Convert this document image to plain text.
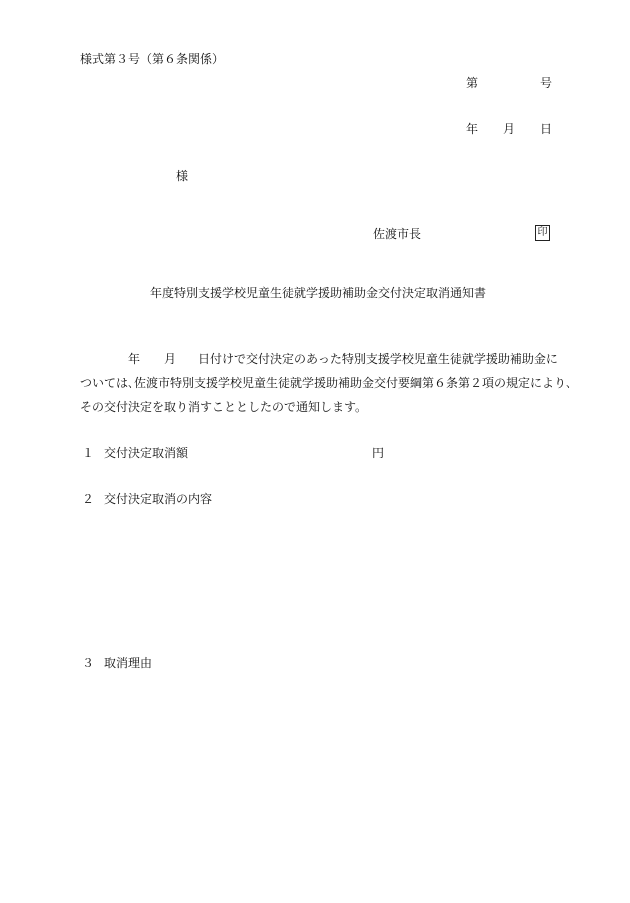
様式第３号（第６条関係）
第	号
年 月 日
様
佐渡市長	印
年度特別支援学校児童生徒就学援助補助金交付決定取消通知書
年 月 日付けで交付決定のあった特別支援学校児童生徒就学援助補助金に
ついては､佐渡市特別支援学校児童生徒就学援助補助金交付要綱第６条第２項の規定により､
その交付決定を取り消すこととしたので通知します。
１ 交付決定取消額	円
２ 交付決定取消の内容
３ 取消理由
